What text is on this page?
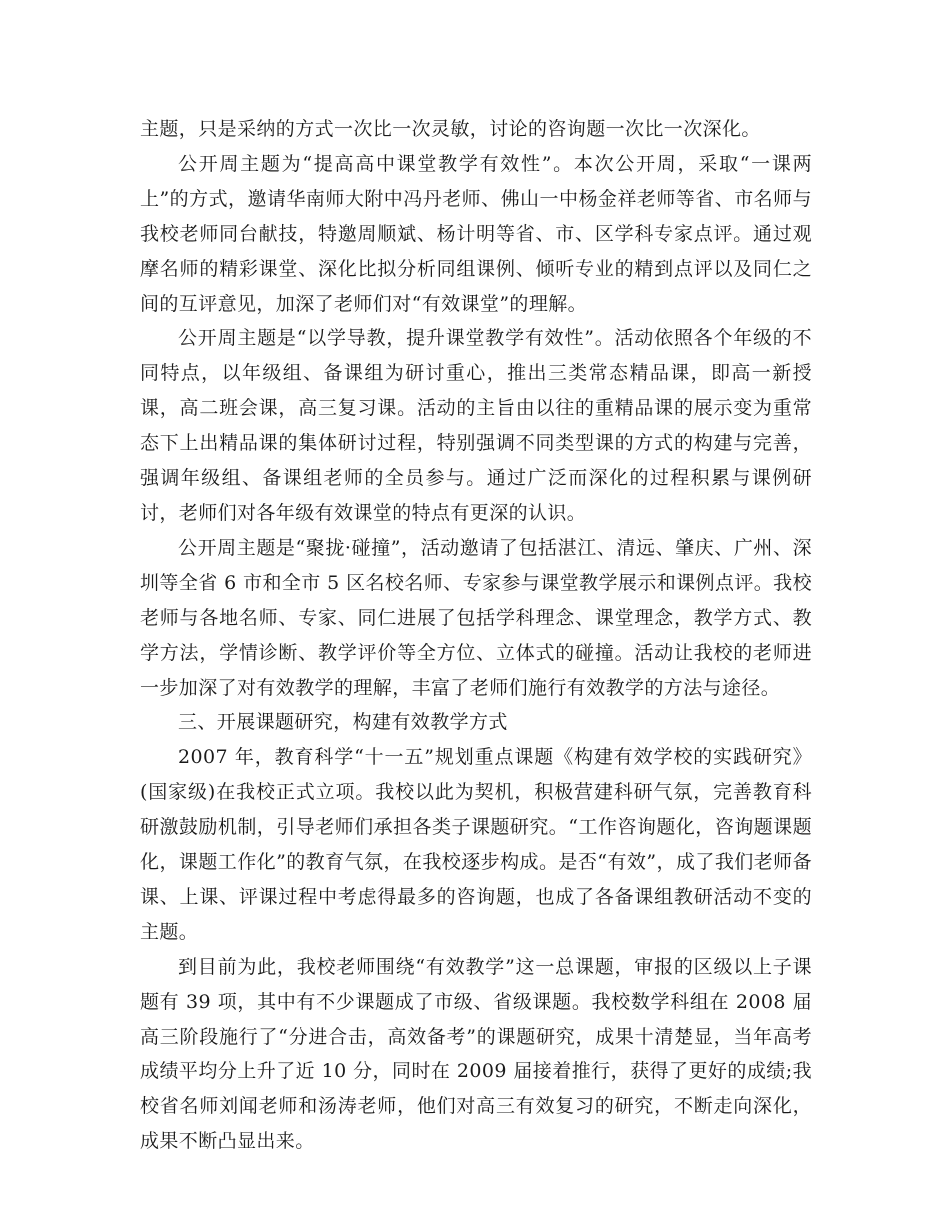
主题，只是采纳的方式一次比一次灵敏，讨论的咨询题一次比一次深化。

公开周主题为“提高高中课堂教学有效性”。本次公开周，采取“一课两上”的方式，邀请华南师大附中冯丹老师、佛山一中杨金祥老师等省、市名师与我校老师同台献技，特邀周顺斌、杨计明等省、市、区学科专家点评。通过观摩名师的精彩课堂、深化比拟分析同组课例、倾听专业的精到点评以及同仁之间的互评意见，加深了老师们对“有效课堂”的理解。

公开周主题是“以学导教，提升课堂教学有效性”。活动依照各个年级的不同特点，以年级组、备课组为研讨重心，推出三类常态精品课，即高一新授课，高二班会课，高三复习课。活动的主旨由以往的重精品课的展示变为重常态下上出精品课的集体研讨过程，特别强调不同类型课的方式的构建与完善，强调年级组、备课组老师的全员参与。通过广泛而深化的过程积累与课例研讨，老师们对各年级有效课堂的特点有更深的认识。

公开周主题是“聚拢·碰撞”，活动邀请了包括湛江、清远、肇庆、广州、深圳等全省 6 市和全市 5 区名校名师、专家参与课堂教学展示和课例点评。我校老师与各地名师、专家、同仁进展了包括学科理念、课堂理念，教学方式、教学方法，学情诊断、教学评价等全方位、立体式的碰撞。活动让我校的老师进一步加深了对有效教学的理解，丰富了老师们施行有效教学的方法与途径。

三、开展课题研究，构建有效教学方式

2007 年，教育科学“十一五”规划重点课题《构建有效学校的实践研究》(国家级)在我校正式立项。我校以此为契机，积极营建科研气氛，完善教育科研激鼓励机制，引导老师们承担各类子课题研究。“工作咨询题化，咨询题课题化，课题工作化”的教育气氛，在我校逐步构成。是否“有效”，成了我们老师备课、上课、评课过程中考虑得最多的咨询题，也成了各备课组教研活动不变的主题。

到目前为此，我校老师围绕“有效教学”这一总课题，审报的区级以上子课题有 39 项，其中有不少课题成了市级、省级课题。我校数学科组在 2008 届高三阶段施行了“分进合击，高效备考”的课题研究，成果十清楚显，当年高考成绩平均分上升了近 10 分，同时在 2009 届接着推行，获得了更好的成绩;我校省名师刘闻老师和汤涛老师，他们对高三有效复习的研究，不断走向深化，成果不断凸显出来。
